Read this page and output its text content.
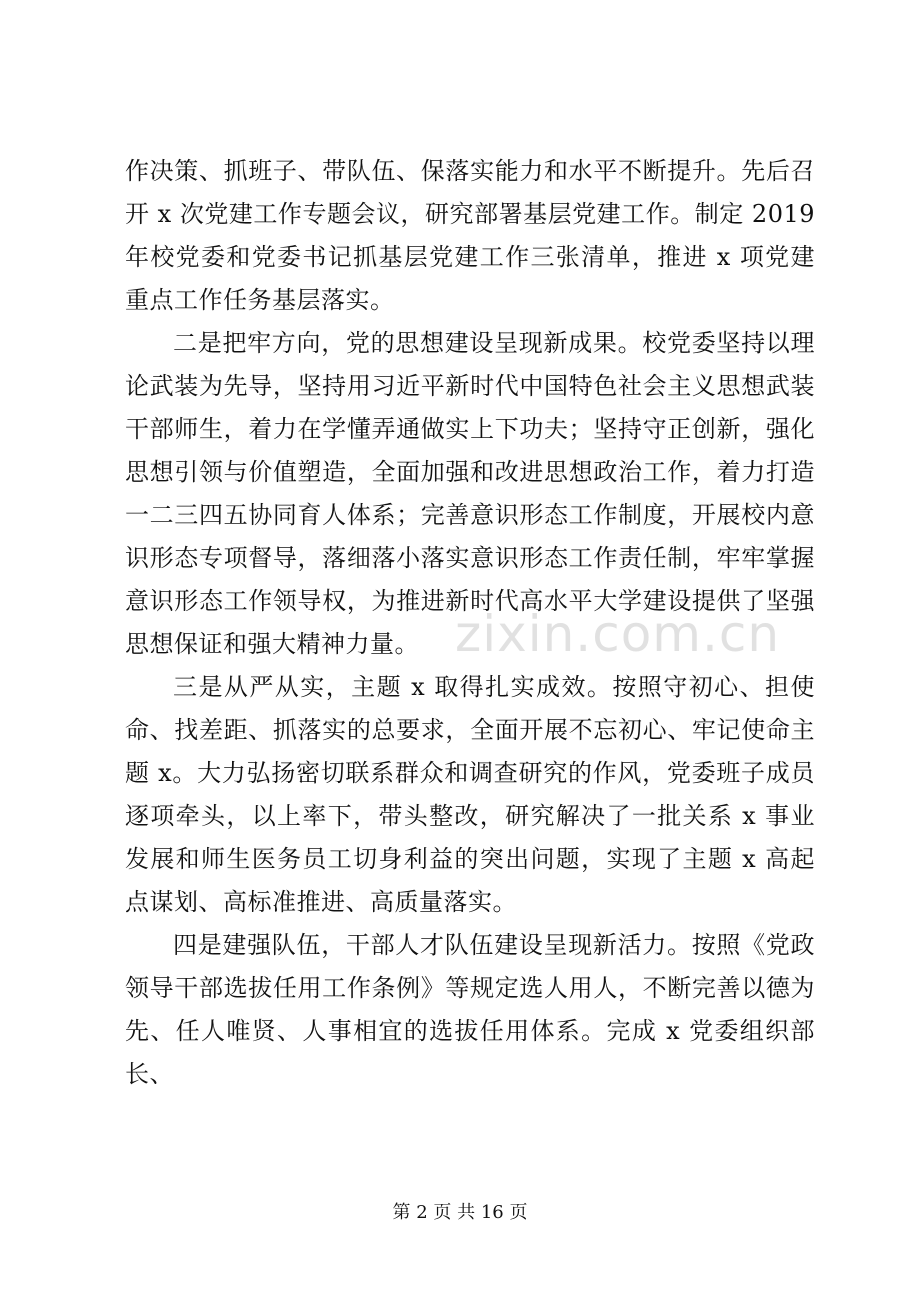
作决策、抓班子、带队伍、保落实能力和水平不断提升。先后召开 x 次党建工作专题会议，研究部署基层党建工作。制定 2019 年校党委和党委书记抓基层党建工作三张清单，推进 x 项党建重点工作任务基层落实。

二是把牢方向，党的思想建设呈现新成果。校党委坚持以理论武装为先导，坚持用习近平新时代中国特色社会主义思想武装干部师生，着力在学懂弄通做实上下功夫；坚持守正创新，强化思想引领与价值塑造，全面加强和改进思想政治工作，着力打造一二三四五协同育人体系；完善意识形态工作制度，开展校内意识形态专项督导，落细落小落实意识形态工作责任制，牢牢掌握意识形态工作领导权，为推进新时代高水平大学建设提供了坚强思想保证和强大精神力量。

三是从严从实，主题 x 取得扎实成效。按照守初心、担使命、找差距、抓落实的总要求，全面开展不忘初心、牢记使命主题 x。大力弘扬密切联系群众和调查研究的作风，党委班子成员逐项牵头，以上率下，带头整改，研究解决了一批关系 x 事业发展和师生医务员工切身利益的突出问题，实现了主题 x 高起点谋划、高标准推进、高质量落实。

四是建强队伍，干部人才队伍建设呈现新活力。按照《党政领导干部选拔任用工作条例》等规定选人用人，不断完善以德为先、任人唯贤、人事相宜的选拔任用体系。完成 x 党委组织部长、

zixin.com.cn
第 2 页 共 16 页
